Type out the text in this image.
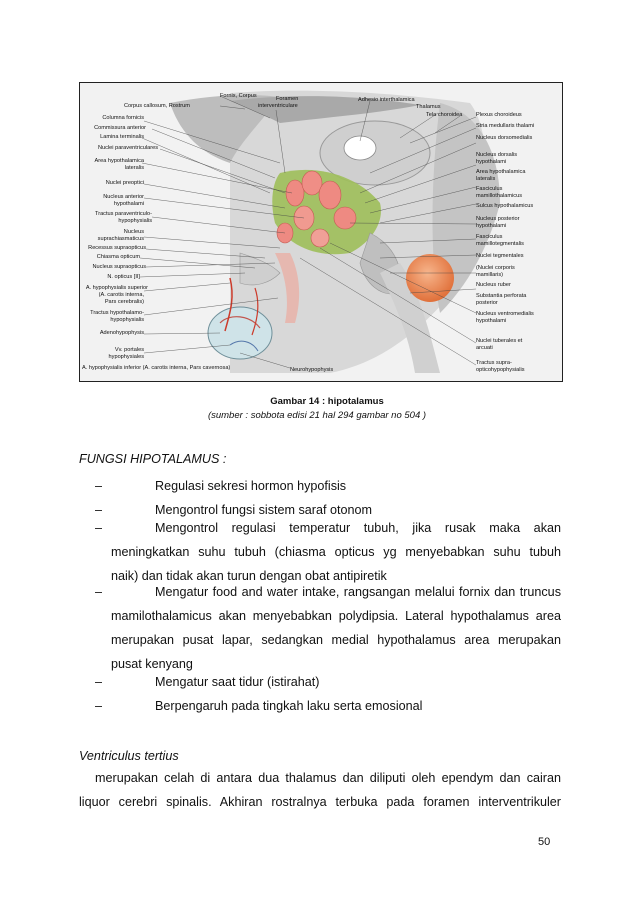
Columna fornicis
Commissura anterior
Lamina terminalis
Nuclei paraventriculares
Area hypothalamica
lateralis
Nuclei preoptici
Nucleus anterior
hypothalami
Tractus paraventriculo-
hypophysialis
Nucleus
suprachiasmaticus
Recessus supraopticus
Chiasma opticum
Nucleus supraopticus
N. opticus [II]
A. hypophysialis superior
(A. carotis interna,
Pars cerebralis)
Tractus hypothalamo-
hypophysialis
Adenohypophysis
Vv. portales
hypophysiales
A. hypophysialis inferior (A. carotis interna, Pars cavernosa)
Fornix, Corpus
Corpus callosum, Rostrum
Foramen
interventriculare
Adhesio interthalamica
Thalamus
Tela choroidea Plexus choroideus
Stria medullaris thalami
Nucleus dorsomedialis
Nucleus dorsalis
hypothalami
Area hypothalamica
lateralis
Fasciculus
mamillothalamicus
Sulcus hypothalamicus
Nucleus posterior
hypothalami
Fasciculus
mamillotegmentalis
Nuclei tegmentales
(Nuclei corporis
mamillaris)
Nucleus ruber
Substantia perforata
posterior
Nucleus ventromedialis
hypothalami
Nuclei tuberales et
arcuati
Tractus supra-
opticohypophysialis
Neurohypophysis
Gambar 14 : hipotalamus
(sumber : sobbota edisi 21 hal 294 gambar no 504 )
FUNGSI HIPOTALAMUS :
–	Regulasi sekresi hormon hypofisis
–	Mengontrol fungsi sistem saraf otonom
–	Mengontrol regulasi temperatur tubuh, jika rusak maka akan
meningkatkan suhu tubuh (chiasma opticus yg menyebabkan suhu tubuh
naik) dan tidak akan turun dengan obat antipiretik
–	Mengatur food and water intake, rangsangan melalui fornix dan truncus
mamilothalamicus akan menyebabkan polydipsia. Lateral hypothalamus area
merupakan pusat lapar, sedangkan medial hypothalamus area merupakan
pusat kenyang
–	Mengatur saat tidur (istirahat)
–	Berpengaruh pada tingkah laku serta emosional
Ventriculus tertius
merupakan celah di antara dua thalamus dan diliputi oleh ependym dan cairan
liquor cerebri spinalis. Akhiran rostralnya terbuka pada foramen interventrikuler
50
